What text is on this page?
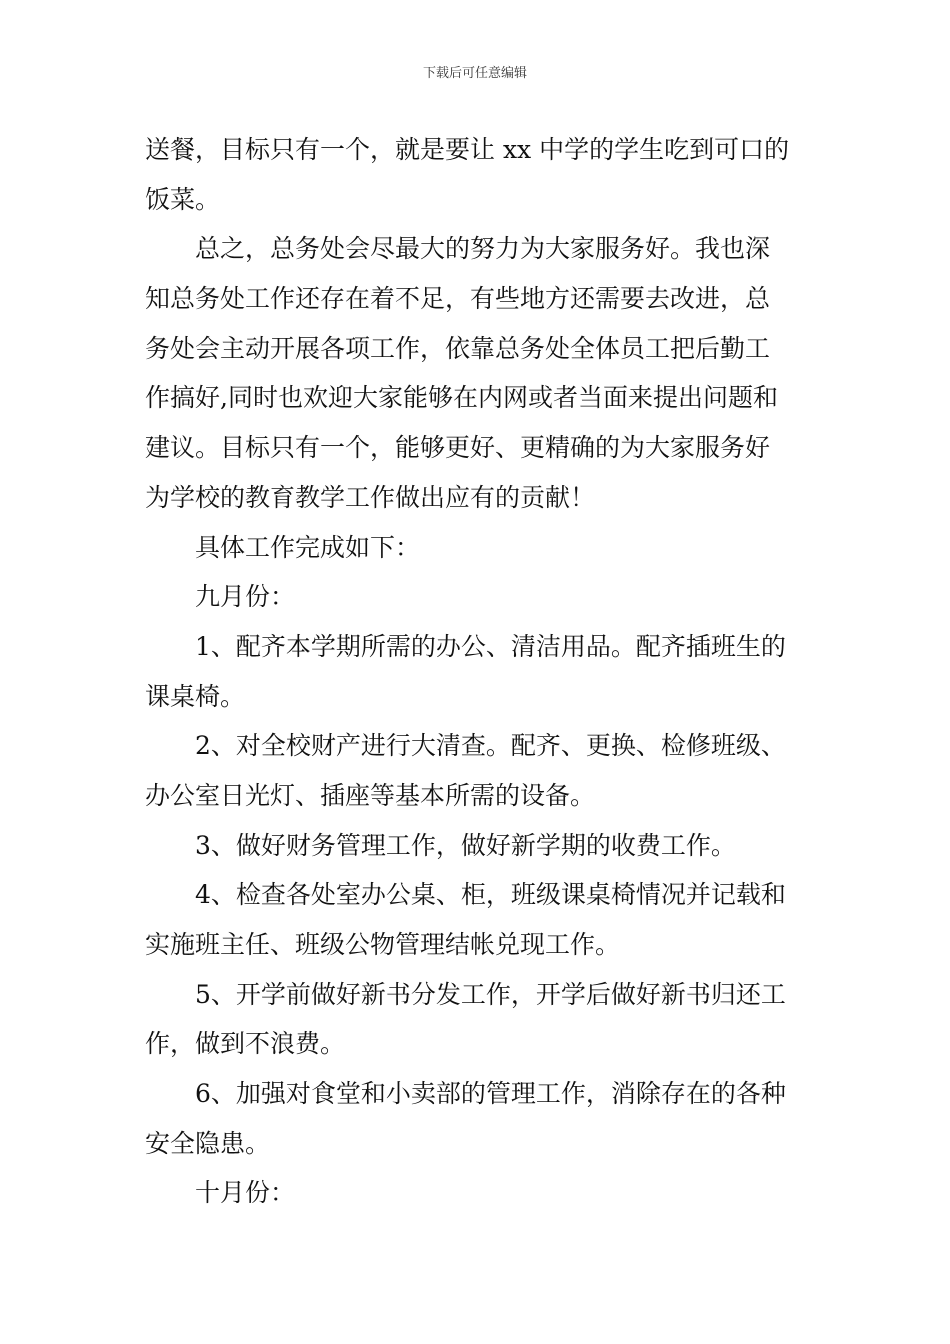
下载后可任意编辑
送餐，目标只有一个，就是要让 xx 中学的学生吃到可口的
饭菜。
总之，总务处会尽最大的努力为大家服务好。我也深
知总务处工作还存在着不足，有些地方还需要去改进，总
务处会主动开展各项工作，依靠总务处全体员工把后勤工
作搞好,同时也欢迎大家能够在内网或者当面来提出问题和
建议。目标只有一个，能够更好、更精确的为大家服务好
为学校的教育教学工作做出应有的贡献！
具体工作完成如下：
九月份：
1、配齐本学期所需的办公、清洁用品。配齐插班生的
课桌椅。
2、对全校财产进行大清查。配齐、更换、检修班级、
办公室日光灯、插座等基本所需的设备。
3、做好财务管理工作，做好新学期的收费工作。
4、检查各处室办公桌、柜，班级课桌椅情况并记载和
实施班主任、班级公物管理结帐兑现工作。
5、开学前做好新书分发工作，开学后做好新书归还工
作，做到不浪费。
6、加强对食堂和小卖部的管理工作，消除存在的各种
安全隐患。
十月份：
